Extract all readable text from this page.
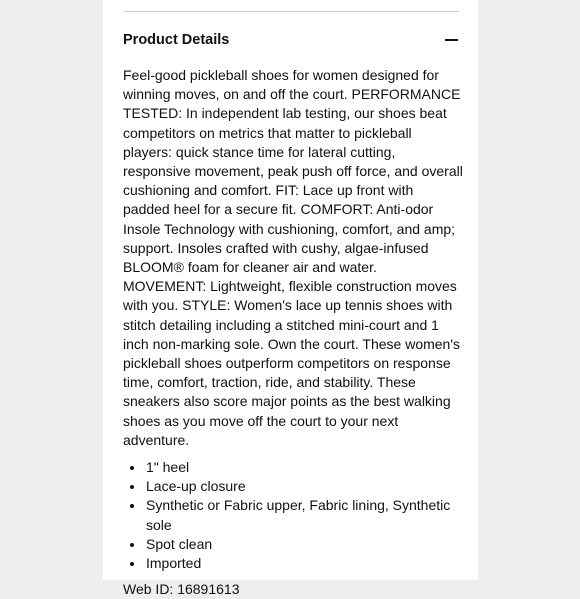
Product Details

Feel-good pickleball shoes for women designed for winning moves, on and off the court. PERFORMANCE TESTED: In independent lab testing, our shoes beat competitors on metrics that matter to pickleball players: quick stance time for lateral cutting, responsive movement, peak push off force, and overall cushioning and comfort. FIT: Lace up front with padded heel for a secure fit. COMFORT: Anti-odor Insole Technology with cushioning, comfort, and amp; support. Insoles crafted with cushy, algae-infused BLOOM® foam for cleaner air and water. MOVEMENT: Lightweight, flexible construction moves with you. STYLE: Women's lace up tennis shoes with stitch detailing including a stitched mini-court and 1 inch non-marking sole. Own the court. These women's pickleball shoes outperform competitors on response time, comfort, traction, ride, and stability. These sneakers also score major points as the best walking shoes as you move off the court to your next adventure.

• 1" heel
• Lace-up closure
• Synthetic or Fabric upper, Fabric lining, Synthetic sole
• Spot clean
• Imported
Web ID: 16891613
